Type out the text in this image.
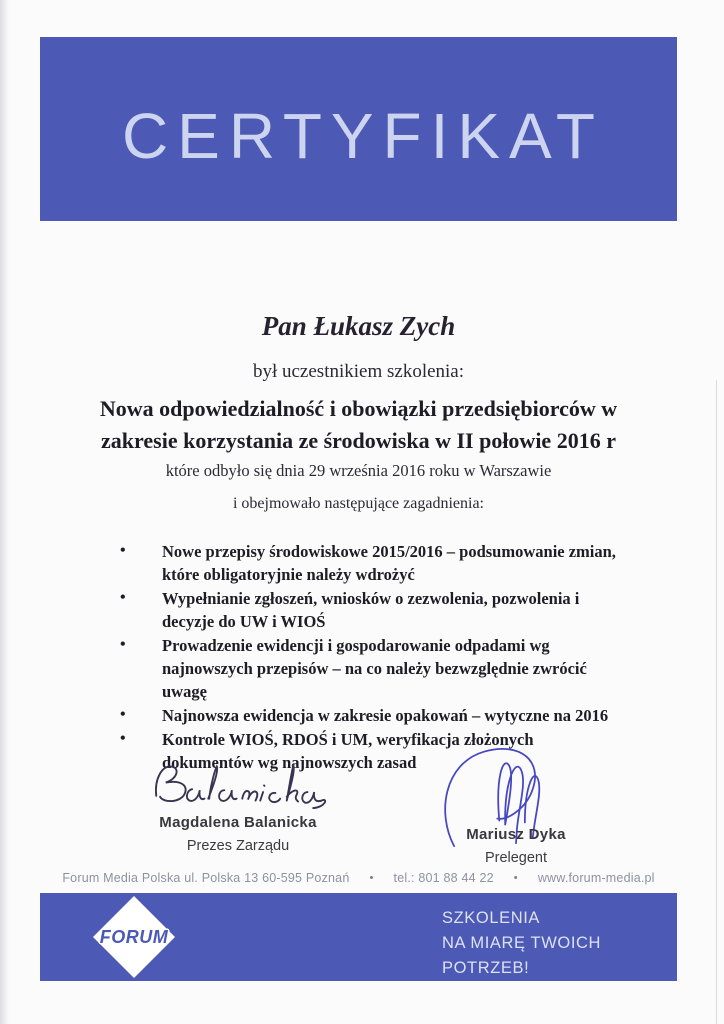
CERTYFIKAT
Pan Łukasz Zych
był uczestnikiem szkolenia:
Nowa odpowiedzialność i obowiązki przedsiębiorców w
zakresie korzystania ze środowiska w II połowie 2016 r
które odbyło się dnia 29 września 2016 roku w Warszawie
i obejmowało następujące zagadnienia:
• Nowe przepisy środowiskowe 2015/2016 – podsumowanie zmian, które obligatoryjnie należy wdrożyć
• Wypełnianie zgłoszeń, wniosków o zezwolenia, pozwolenia i decyzje do UW i WIOŚ
• Prowadzenie ewidencji i gospodarowanie odpadami wg najnowszych przepisów – na co należy bezwzględnie zwrócić uwagę
• Najnowsza ewidencja w zakresie opakowań – wytyczne na 2016
• Kontrole WIOŚ, RDOŚ i UM, weryfikacja złożonych dokumentów wg najnowszych zasad
Magdalena Balanicka
Prezes Zarządu
Mariusz Dyka
Prelegent
Forum Media Polska ul. Polska 13 60-595 Poznań • tel.: 801 88 44 22 • www.forum-media.pl
FORUM
SZKOLENIA
NA MIARĘ TWOICH
POTRZEB!
